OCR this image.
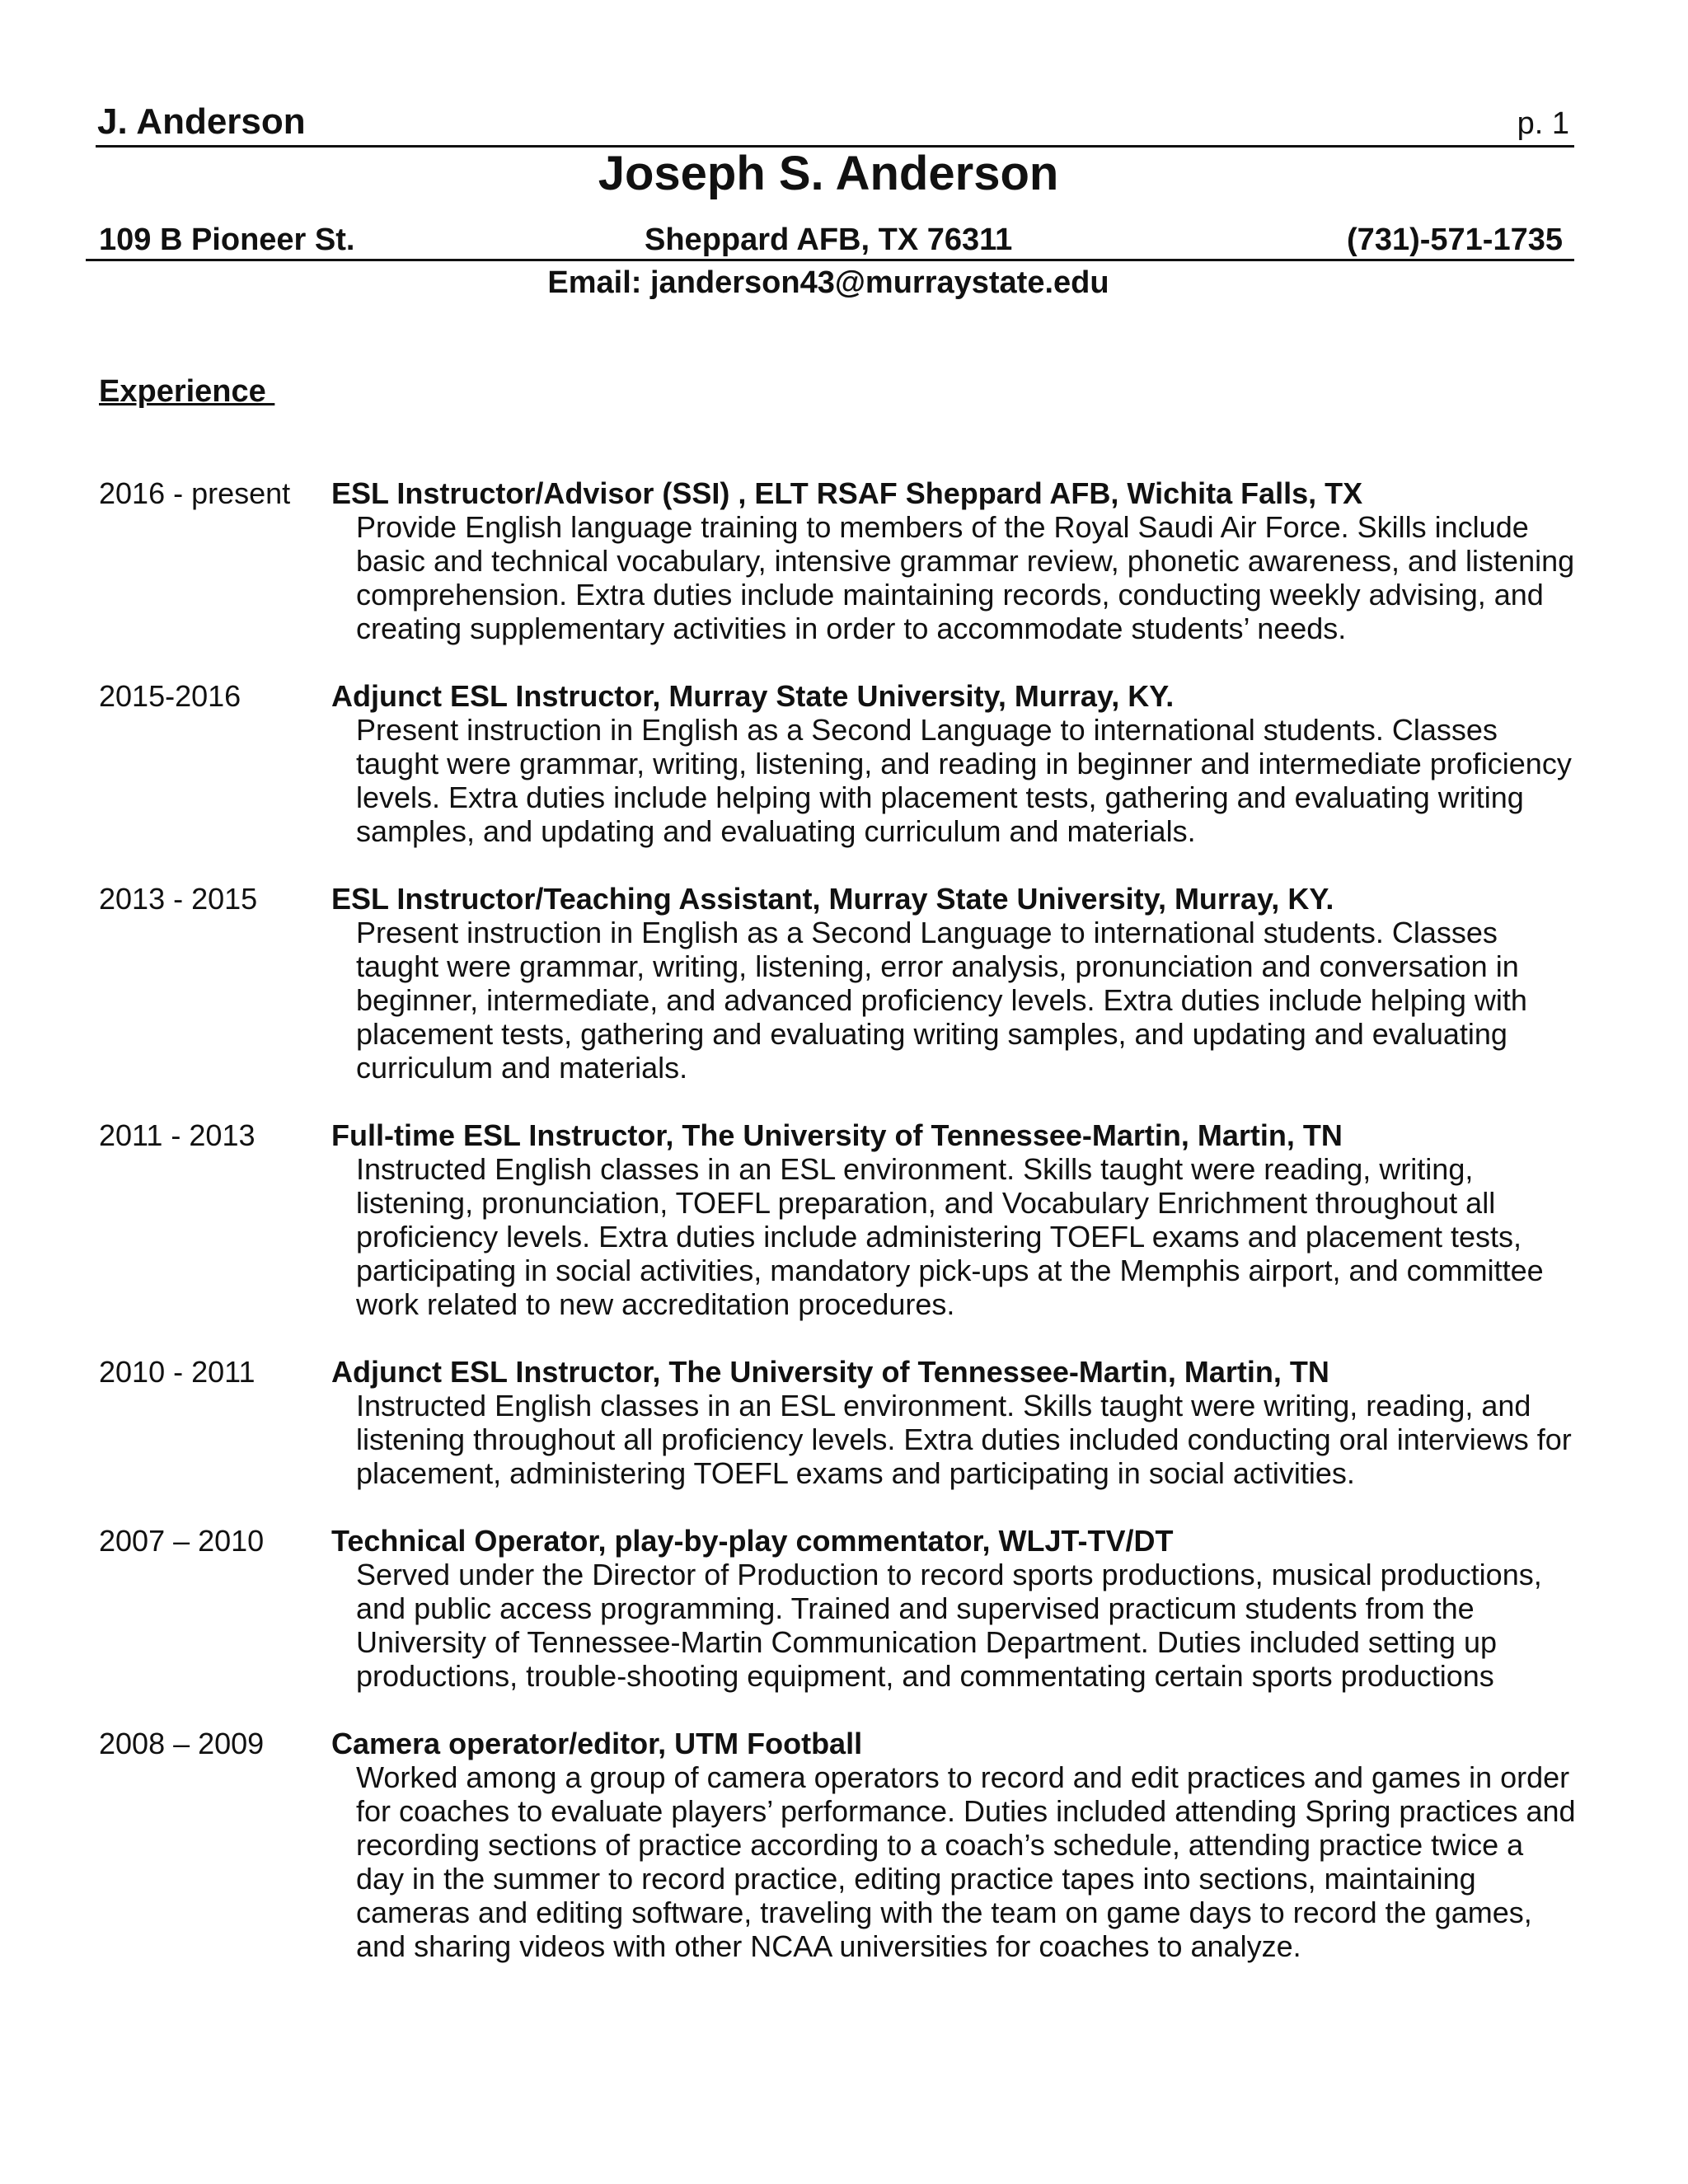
J. Anderson	p. 1
Joseph S. Anderson
109 B Pioneer St.	Sheppard AFB, TX 76311	(731)-571-1735
Email: janderson43@murraystate.edu
Experience
2016 - present ESL Instructor/Advisor (SSI) , ELT RSAF Sheppard AFB, Wichita Falls, TX
Provide English language training to members of the Royal Saudi Air Force. Skills include basic and technical vocabulary, intensive grammar review, phonetic awareness, and listening comprehension. Extra duties include maintaining records, conducting weekly advising, and creating supplementary activities in order to accommodate students’ needs.
2015-2016	Adjunct ESL Instructor, Murray State University, Murray, KY.
Present instruction in English as a Second Language to international students. Classes taught were grammar, writing, listening, and reading in beginner and intermediate proficiency levels. Extra duties include helping with placement tests, gathering and evaluating writing samples, and updating and evaluating curriculum and materials.
2013 - 2015 ESL Instructor/Teaching Assistant, Murray State University, Murray, KY.
Present instruction in English as a Second Language to international students. Classes taught were grammar, writing, listening, error analysis, pronunciation and conversation in beginner, intermediate, and advanced proficiency levels. Extra duties include helping with placement tests, gathering and evaluating writing samples, and updating and evaluating curriculum and materials.
2011 - 2013	Full-time ESL Instructor, The University of Tennessee-Martin, Martin, TN
Instructed English classes in an ESL environment. Skills taught were reading, writing, listening, pronunciation, TOEFL preparation, and Vocabulary Enrichment throughout all proficiency levels. Extra duties include administering TOEFL exams and placement tests, participating in social activities, mandatory pick-ups at the Memphis airport, and committee work related to new accreditation procedures.
2010 - 2011	Adjunct ESL Instructor, The University of Tennessee-Martin, Martin, TN
Instructed English classes in an ESL environment. Skills taught were writing, reading, and listening throughout all proficiency levels. Extra duties included conducting oral interviews for placement, administering TOEFL exams and participating in social activities.
2007 – 2010 Technical Operator, play-by-play commentator, WLJT-TV/DT
Served under the Director of Production to record sports productions, musical productions, and public access programming. Trained and supervised practicum students from the University of Tennessee-Martin Communication Department. Duties included setting up productions, trouble-shooting equipment, and commentating certain sports productions
2008 – 2009 Camera operator/editor, UTM Football
Worked among a group of camera operators to record and edit practices and games in order for coaches to evaluate players’ performance. Duties included attending Spring practices and recording sections of practice according to a coach’s schedule, attending practice twice a day in the summer to record practice, editing practice tapes into sections, maintaining cameras and editing software, traveling with the team on game days to record the games, and sharing videos with other NCAA universities for coaches to analyze.
